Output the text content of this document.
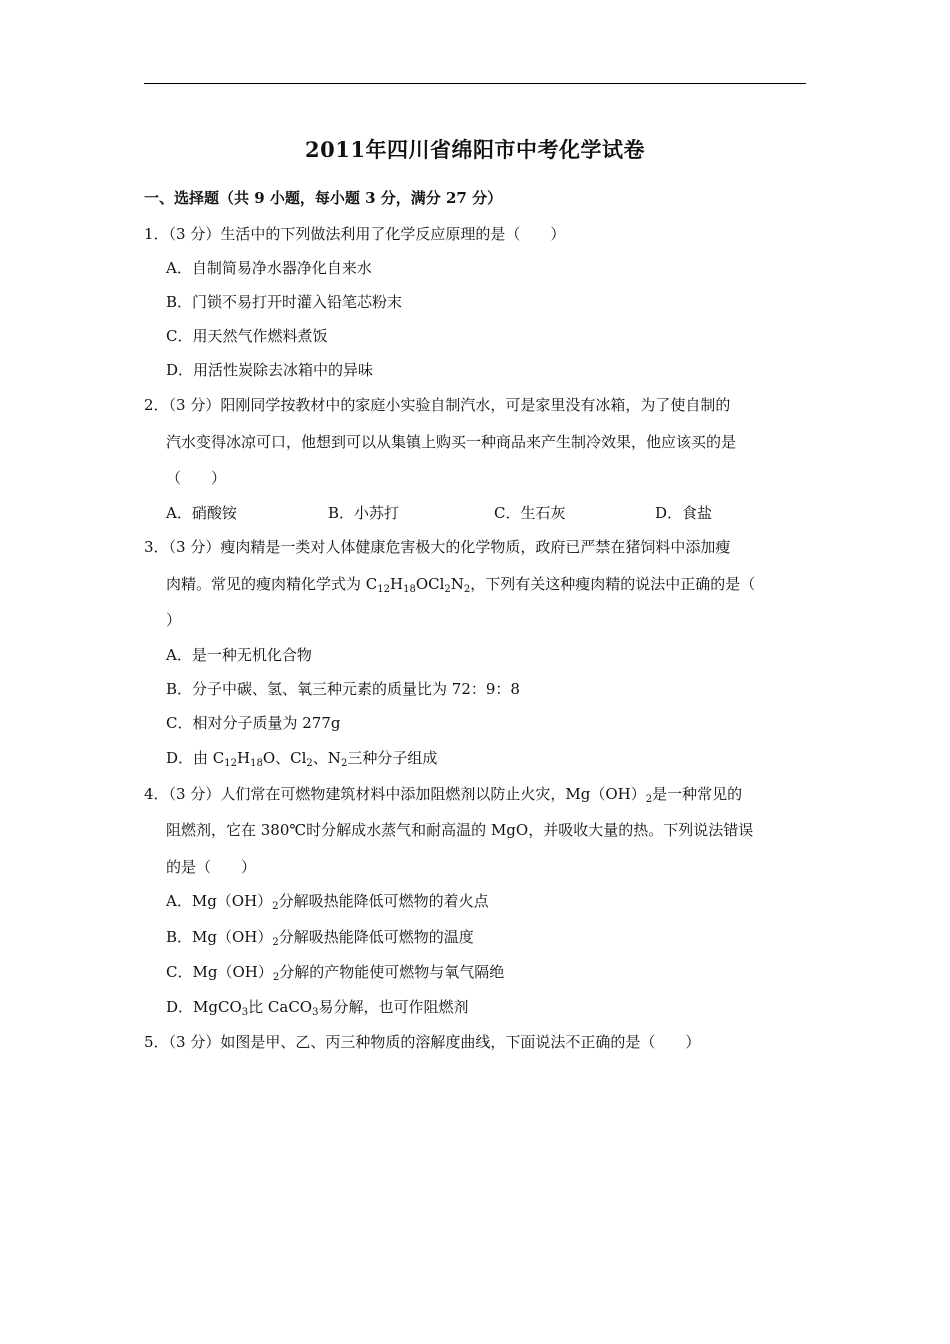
2011年四川省绵阳市中考化学试卷
一、选择题（共 9 小题，每小题 3 分，满分 27 分）
1．（3 分）生活中的下列做法利用了化学反应原理的是（　　）
A．自制简易净水器净化自来水
B．门锁不易打开时灌入铅笔芯粉末
C．用天然气作燃料煮饭
D．用活性炭除去冰箱中的异味
2．（3 分）阳刚同学按教材中的家庭小实验自制汽水，可是家里没有冰箱，为了使自制的
汽水变得冰凉可口，他想到可以从集镇上购买一种商品来产生制冷效果，他应该买的是
（　　）
A．硝酸铵	B．小苏打	C．生石灰	D．食盐
3．（3 分）瘦肉精是一类对人体健康危害极大的化学物质，政府已严禁在猪饲料中添加瘦
肉精。常见的瘦肉精化学式为 $C_{12}H_{18}OCl_2N_2$，下列有关这种瘦肉精的说法中正确的是（
）
A．是一种无机化合物
B．分子中碳、氢、氧三种元素的质量比为 72：9：8
C．相对分子质量为 277g
D．由 $C_{12}H_{18}O$、$Cl_2$、$N_2$三种分子组成
4．（3 分）人们常在可燃物建筑材料中添加阻燃剂以防止火灾，$Mg(OH)_2$是一种常见的
阻燃剂，它在 380℃时分解成水蒸气和耐高温的 MgO，并吸收大量的热。下列说法错误
的是（　　）
A．$Mg(OH)_2$分解吸热能降低可燃物的着火点
B．$Mg(OH)_2$分解吸热能降低可燃物的温度
C．$Mg(OH)_2$分解的产物能使可燃物与氧气隔绝
D．MgCO$_3$比 CaCO$_3$易分解，也可作阻燃剂
5．（3 分）如图是甲、乙、丙三种物质的溶解度曲线，下面说法不正确的是（　　）
